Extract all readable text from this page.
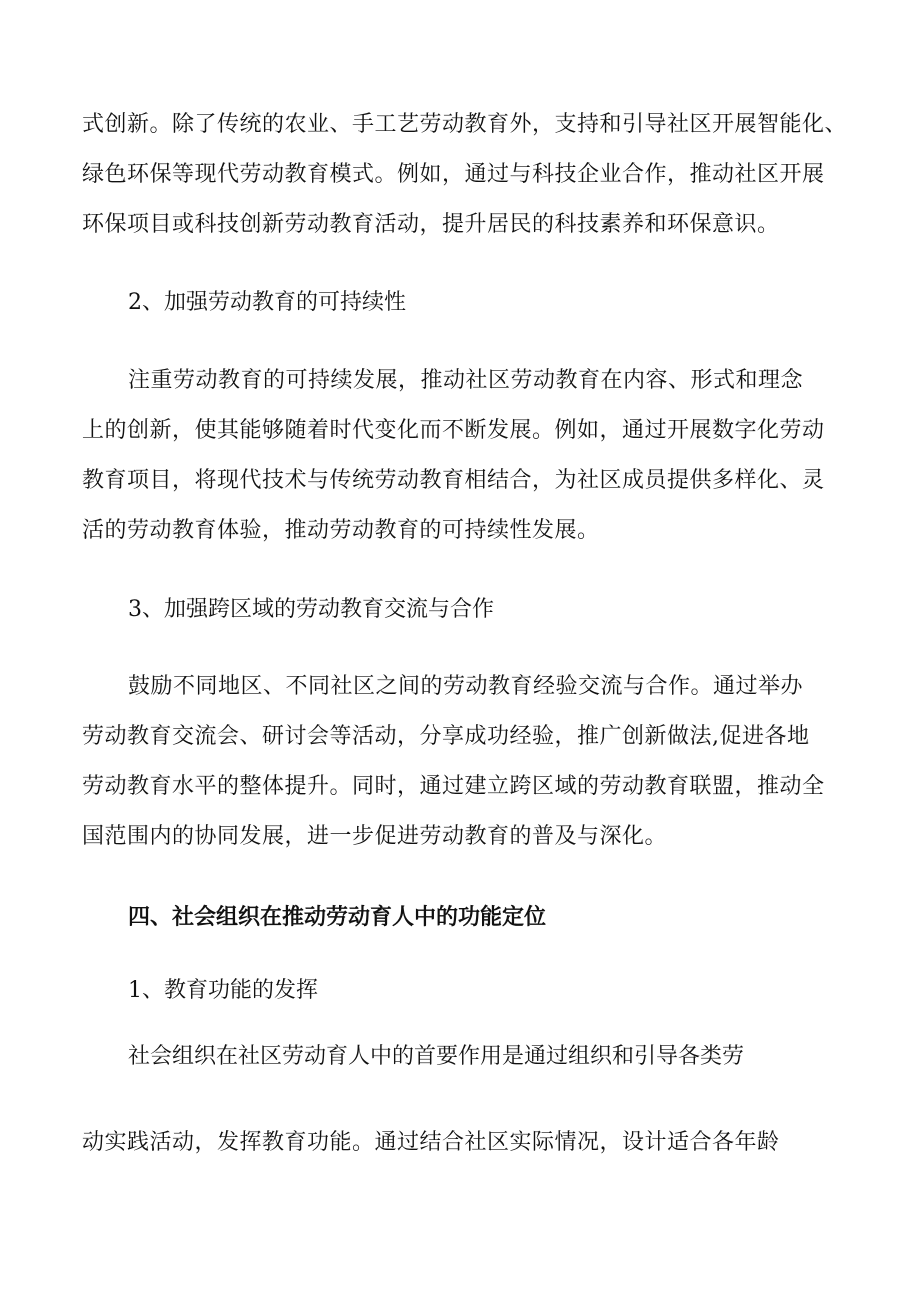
式创新。除了传统的农业、手工艺劳动教育外，支持和引导社区开展智能化、
绿色环保等现代劳动教育模式。例如，通过与科技企业合作，推动社区开展
环保项目或科技创新劳动教育活动，提升居民的科技素养和环保意识。

2、加强劳动教育的可持续性

注重劳动教育的可持续发展，推动社区劳动教育在内容、形式和理念
上的创新，使其能够随着时代变化而不断发展。例如，通过开展数字化劳动
教育项目，将现代技术与传统劳动教育相结合，为社区成员提供多样化、灵
活的劳动教育体验，推动劳动教育的可持续性发展。

3、加强跨区域的劳动教育交流与合作

鼓励不同地区、不同社区之间的劳动教育经验交流与合作。通过举办
劳动教育交流会、研讨会等活动，分享成功经验，推广创新做法,促进各地
劳动教育水平的整体提升。同时，通过建立跨区域的劳动教育联盟，推动全
国范围内的协同发展，进一步促进劳动教育的普及与深化。

四、社会组织在推动劳动育人中的功能定位

1、教育功能的发挥

社会组织在社区劳动育人中的首要作用是通过组织和引导各类劳

动实践活动，发挥教育功能。通过结合社区实际情况，设计适合各年龄
